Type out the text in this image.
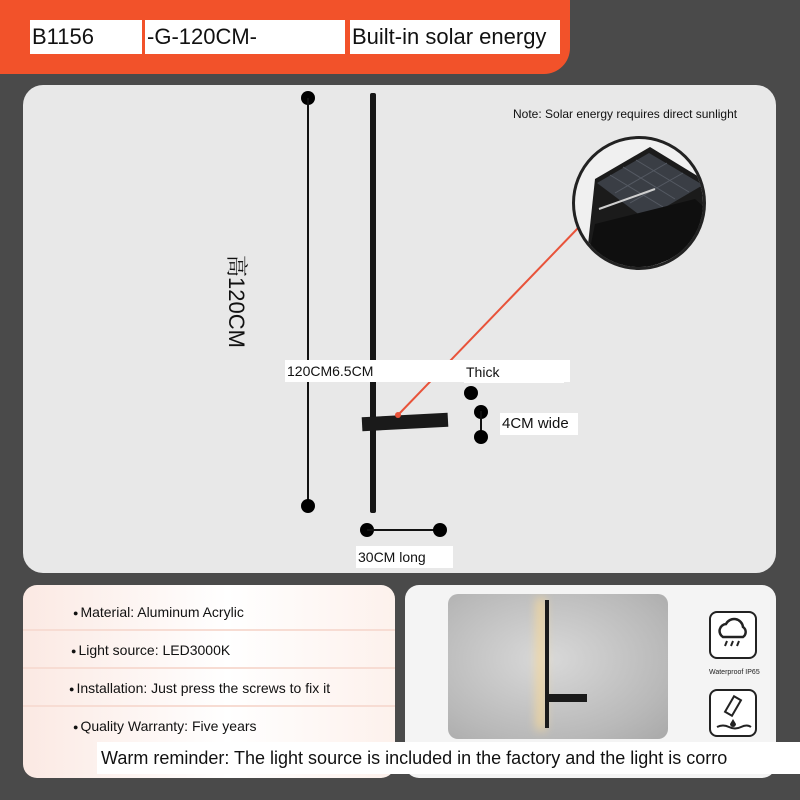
B1156	-G-120CM-	Built-in solar energy
Note: Solar energy requires direct sunlight
高120CM
120CM6.5CM	Thick
4CM wide
30CM long
● Material: Aluminum Acrylic
● Light source: LED3000K
● Installation: Just press the screws to fix it
● Quality Warranty: Five years
Waterproof IP65
Warm reminder: The light source is included in the factory and the light is corro
